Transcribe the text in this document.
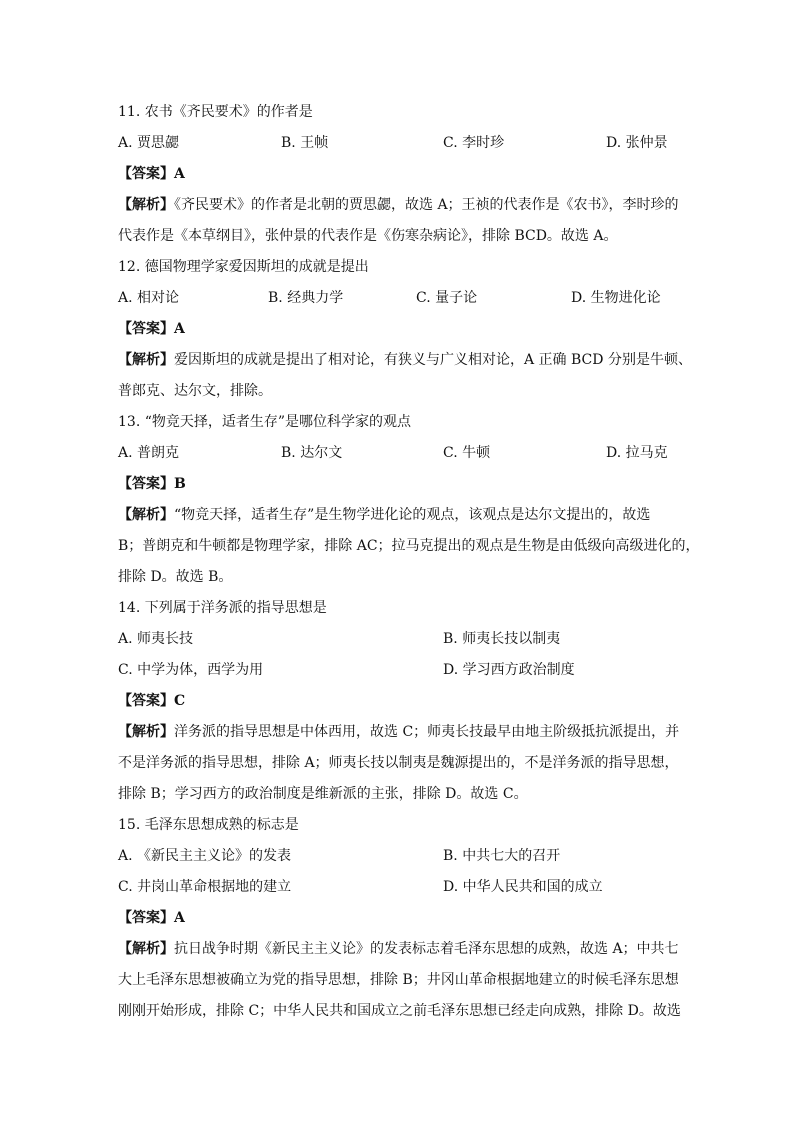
11. 农书《齐民要术》的作者是
A. 贾思勰	B. 王帧	C. 李时珍	D. 张仲景
【答案】A
【解析】《齐民要术》的作者是北朝的贾思勰，故选 A；王祯的代表作是《农书》，李时珍的
代表作是《本草纲目》，张仲景的代表作是《伤寒杂病论》，排除 BCD。故选 A。
12. 德国物理学家爱因斯坦的成就是提出
A. 相对论	B. 经典力学	C. 量子论	D. 生物进化论
【答案】A
【解析】爱因斯坦的成就是提出了相对论，有狭义与广义相对论，A 正确 BCD 分别是牛顿、
普郎克、达尔文，排除。
13. “物竞天择，适者生存”是哪位科学家的观点
A. 普朗克	B. 达尔文	C. 牛顿	D. 拉马克
【答案】B
【解析】“物竞天择，适者生存”是生物学进化论的观点，该观点是达尔文提出的，故选
B；普朗克和牛顿都是物理学家，排除 AC；拉马克提出的观点是生物是由低级向高级进化的，
排除 D。故选 B。
14. 下列属于洋务派的指导思想是
A. 师夷长技	B. 师夷长技以制夷
C. 中学为体，西学为用	D. 学习西方政治制度
【答案】C
【解析】洋务派的指导思想是中体西用，故选 C；师夷长技最早由地主阶级抵抗派提出，并
不是洋务派的指导思想，排除 A；师夷长技以制夷是魏源提出的，不是洋务派的指导思想，
排除 B；学习西方的政治制度是维新派的主张，排除 D。故选 C。
15. 毛泽东思想成熟的标志是
A. 《新民主主义论》的发表	B. 中共七大的召开
C. 井岗山革命根据地的建立	D. 中华人民共和国的成立
【答案】A
【解析】抗日战争时期《新民主主义论》的发表标志着毛泽东思想的成熟，故选 A；中共七
大上毛泽东思想被确立为党的指导思想，排除 B；井冈山革命根据地建立的时候毛泽东思想
刚刚开始形成，排除 C；中华人民共和国成立之前毛泽东思想已经走向成熟，排除 D。故选
